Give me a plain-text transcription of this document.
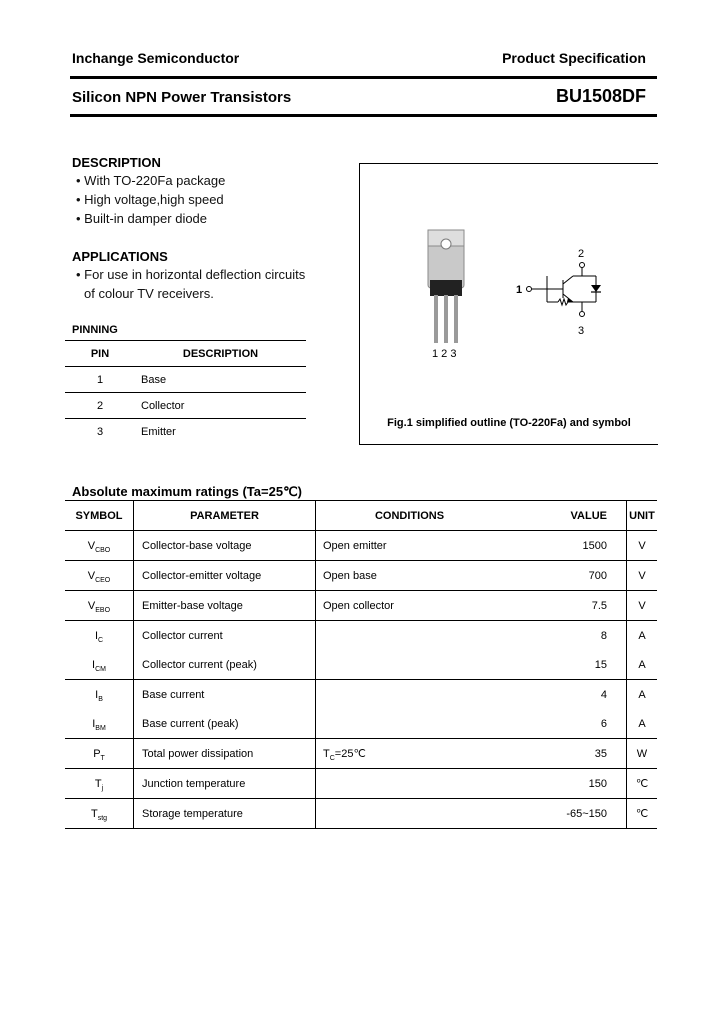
Inchange Semiconductor	Product Specification
Silicon NPN Power Transistors	BU1508DF
DESCRIPTION
• With TO-220Fa package
• High voltage,high speed
• Built-in damper diode
APPLICATIONS
• For use in horizontal deflection circuits
of colour TV receivers.
PINNING
PIN	DESCRIPTION
1	Base
2	Collector
3	Emitter
1 2 3
1
2
3
Fig.1 simplified outline (TO-220Fa) and symbol
Absolute maximum ratings (Ta=25℃)
SYMBOL	PARAMETER	CONDITIONS	VALUE	UNIT
$V_{CBO}$	Collector-base voltage	Open emitter	1500	V
$V_{CEO}$	Collector-emitter voltage	Open base	700	V
$V_{EBO}$	Emitter-base voltage	Open collector	7.5	V
$I_C$	Collector current		8	A
$I_{CM}$	Collector current (peak)		15	A
$I_B$	Base current		4	A
$I_{BM}$	Base current (peak)		6	A
$P_T$	Total power dissipation	$T_C=25℃$	35	W
$T_j$	Junction temperature		150	℃
$T_{stg}$	Storage temperature		-65~150	℃
